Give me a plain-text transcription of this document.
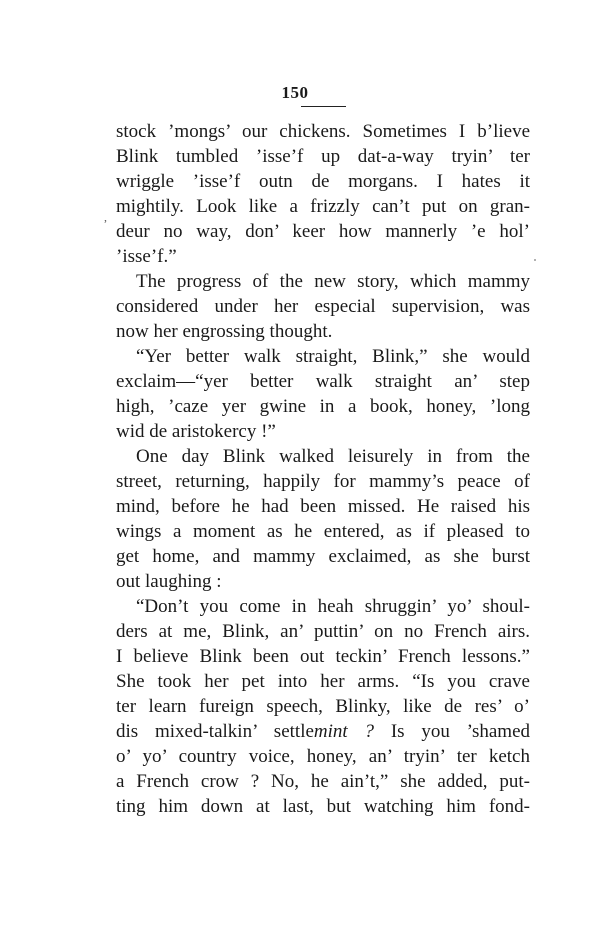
150
,
stock ’mongs’ our chickens. Sometimes I b’lieve
Blink tumbled ’isse’f up dat-a-way tryin’ ter
wriggle ’isse’f outn de morgans. I hates it
mightily. Look like a frizzly can’t put on gran-
deur no way, don’ keer how mannerly ’e hol’
’isse’f.”
The progress of the new story, which mammy
considered under her especial supervision, was
now her engrossing thought.
“Yer better walk straight, Blink,” she would
exclaim—“yer better walk straight an’ step
high, ’caze yer gwine in a book, honey, ’long
wid de aristokercy !”
One day Blink walked leisurely in from the
street, returning, happily for mammy’s peace of
mind, before he had been missed. He raised his
wings a moment as he entered, as if pleased to
get home, and mammy exclaimed, as she burst
out laughing :
“Don’t you come in heah shruggin’ yo’ shoul-
ders at me, Blink, an’ puttin’ on no French airs.
I believe Blink been out teckin’ French lessons.”
She took her pet into her arms. “Is you crave
ter learn fureign speech, Blinky, like de res’ o’
dis mixed-talkin’ settlemint ? Is you ’shamed
o’ yo’ country voice, honey, an’ tryin’ ter ketch
a French crow ? No, he ain’t,” she added, put-
ting him down at last, but watching him fond-
